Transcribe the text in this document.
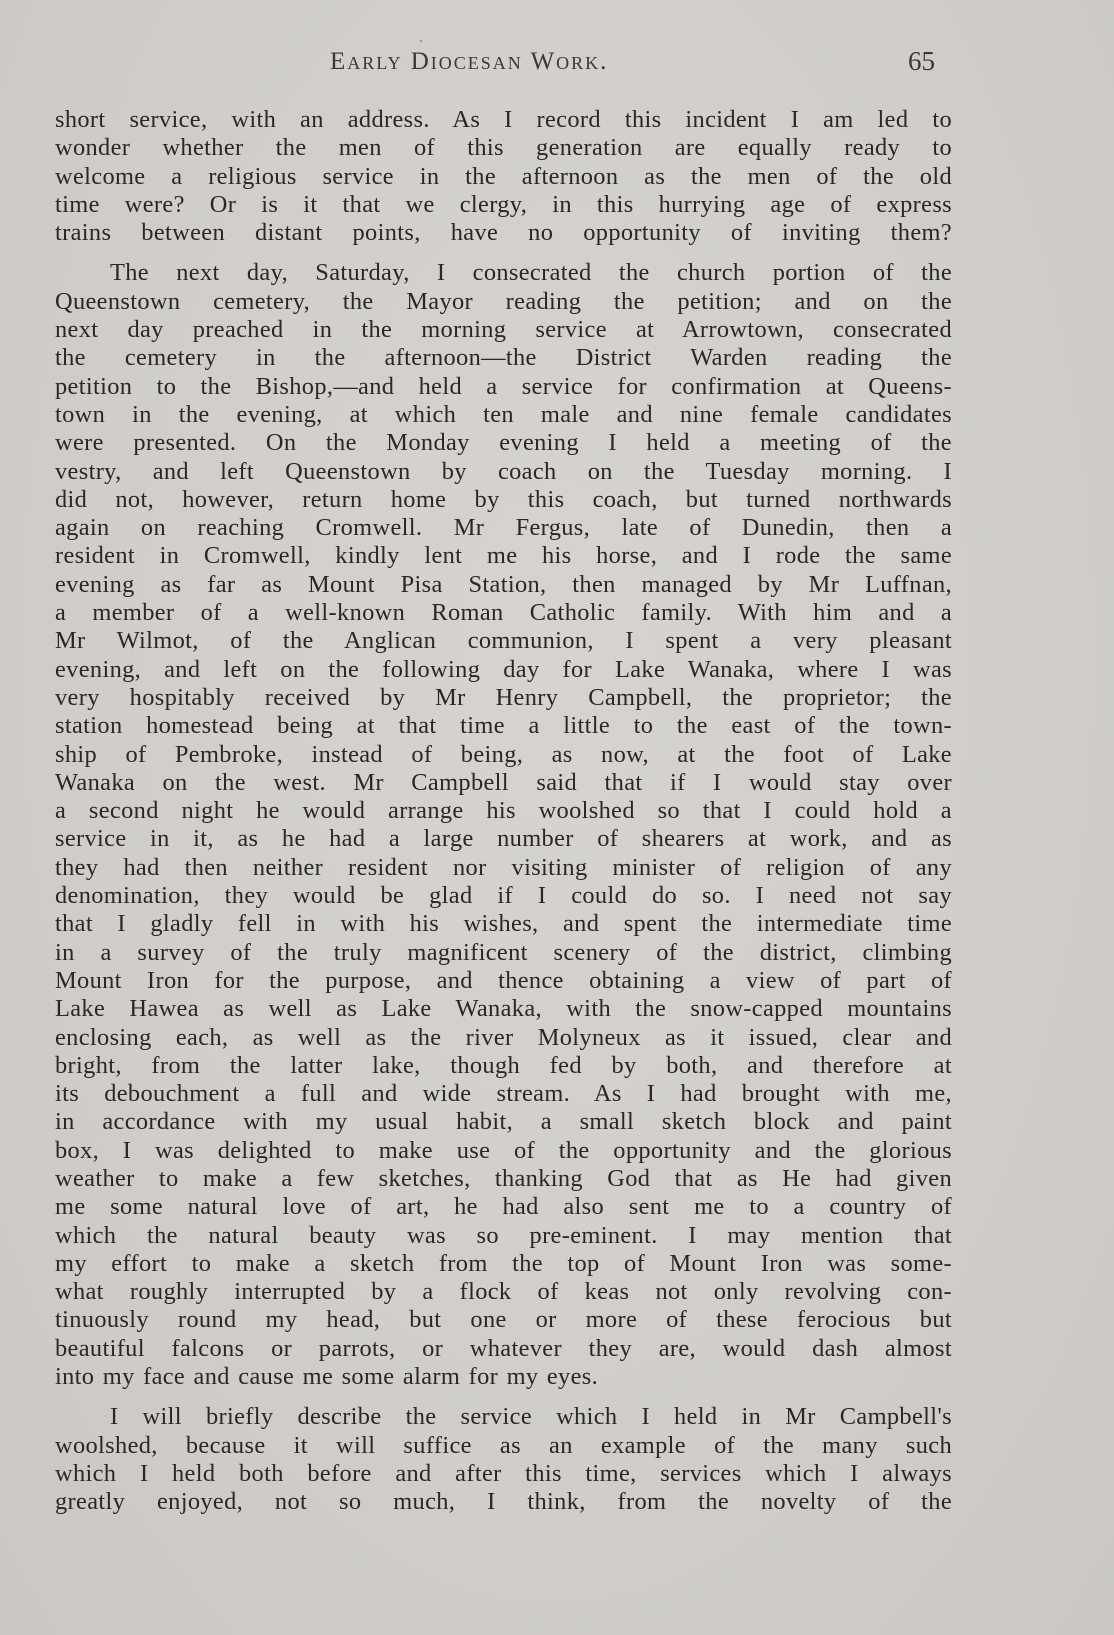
Early Diocesan Work.	65
short service, with an address. As I record this incident I am led to
wonder whether the men of this generation are equally ready to
welcome a religious service in the afternoon as the men of the old
time were? Or is it that we clergy, in this hurrying age of express
trains between distant points, have no opportunity of inviting them?
The next day, Saturday, I consecrated the church portion of the
Queenstown cemetery, the Mayor reading the petition; and on the
next day preached in the morning service at Arrowtown, consecrated
the cemetery in the afternoon—the District Warden reading the
petition to the Bishop,—and held a service for confirmation at Queens-
town in the evening, at which ten male and nine female candidates
were presented. On the Monday evening I held a meeting of the
vestry, and left Queenstown by coach on the Tuesday morning. I
did not, however, return home by this coach, but turned northwards
again on reaching Cromwell. Mr Fergus, late of Dunedin, then a
resident in Cromwell, kindly lent me his horse, and I rode the same
evening as far as Mount Pisa Station, then managed by Mr Luffnan,
a member of a well-known Roman Catholic family. With him and a
Mr Wilmot, of the Anglican communion, I spent a very pleasant
evening, and left on the following day for Lake Wanaka, where I was
very hospitably received by Mr Henry Campbell, the proprietor; the
station homestead being at that time a little to the east of the town-
ship of Pembroke, instead of being, as now, at the foot of Lake
Wanaka on the west. Mr Campbell said that if I would stay over
a second night he would arrange his woolshed so that I could hold a
service in it, as he had a large number of shearers at work, and as
they had then neither resident nor visiting minister of religion of any
denomination, they would be glad if I could do so. I need not say
that I gladly fell in with his wishes, and spent the intermediate time
in a survey of the truly magnificent scenery of the district, climbing
Mount Iron for the purpose, and thence obtaining a view of part of
Lake Hawea as well as Lake Wanaka, with the snow-capped mountains
enclosing each, as well as the river Molyneux as it issued, clear and
bright, from the latter lake, though fed by both, and therefore at
its debouchment a full and wide stream. As I had brought with me,
in accordance with my usual habit, a small sketch block and paint
box, I was delighted to make use of the opportunity and the glorious
weather to make a few sketches, thanking God that as He had given
me some natural love of art, he had also sent me to a country of
which the natural beauty was so pre-eminent. I may mention that
my effort to make a sketch from the top of Mount Iron was some-
what roughly interrupted by a flock of keas not only revolving con-
tinuously round my head, but one or more of these ferocious but
beautiful falcons or parrots, or whatever they are, would dash almost
into my face and cause me some alarm for my eyes.
I will briefly describe the service which I held in Mr Campbell's
woolshed, because it will suffice as an example of the many such
which I held both before and after this time, services which I always
greatly enjoyed, not so much, I think, from the novelty of the
